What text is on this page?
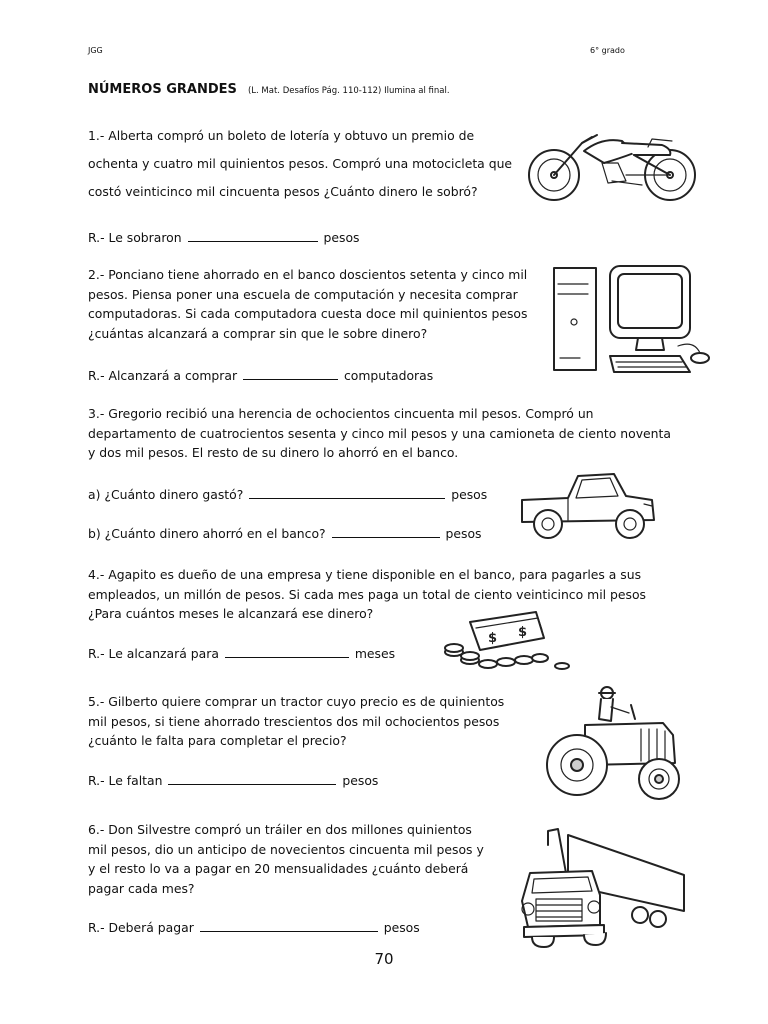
JGG	6° grado
NÚMEROS GRANDES (L. Mat. Desafíos Pág. 110-112) Ilumina al final.
1.- Alberta compró un boleto de lotería y obtuvo un premio de
ochenta y cuatro mil quinientos pesos. Compró una motocicleta que
costó veinticinco mil cincuenta pesos ¿Cuánto dinero le sobró?
R.- Le sobraron	pesos
2.- Ponciano tiene ahorrado en el banco doscientos setenta y cinco mil
pesos. Piensa poner una escuela de computación y necesita comprar
computadoras. Si cada computadora cuesta doce mil quinientos pesos
¿cuántas alcanzará a comprar sin que le sobre dinero?
R.- Alcanzará a comprar	computadoras
3.- Gregorio recibió una herencia de ochocientos cincuenta mil pesos. Compró un
departamento de cuatrocientos sesenta y cinco mil pesos y una camioneta de ciento noventa
y dos mil pesos. El resto de su dinero lo ahorró en el banco.
a) ¿Cuánto dinero gastó?	pesos
b) ¿Cuánto dinero ahorró en el banco?	pesos
4.- Agapito es dueño de una empresa y tiene disponible en el banco, para pagarles a sus
empleados, un millón de pesos. Si cada mes paga un total de ciento veinticinco mil pesos
¿Para cuántos meses le alcanzará ese dinero?
R.- Le alcanzará para	meses
5.- Gilberto quiere comprar un tractor cuyo precio es de quinientos
mil pesos, si tiene ahorrado trescientos dos mil ochocientos pesos
¿cuánto le falta para completar el precio?
R.- Le faltan	pesos
6.- Don Silvestre compró un tráiler en dos millones quinientos
mil pesos, dio un anticipo de novecientos cincuenta mil pesos y
y el resto lo va a pagar en 20 mensualidades ¿cuánto deberá
pagar cada mes?
R.- Deberá pagar	pesos
70
$ $
